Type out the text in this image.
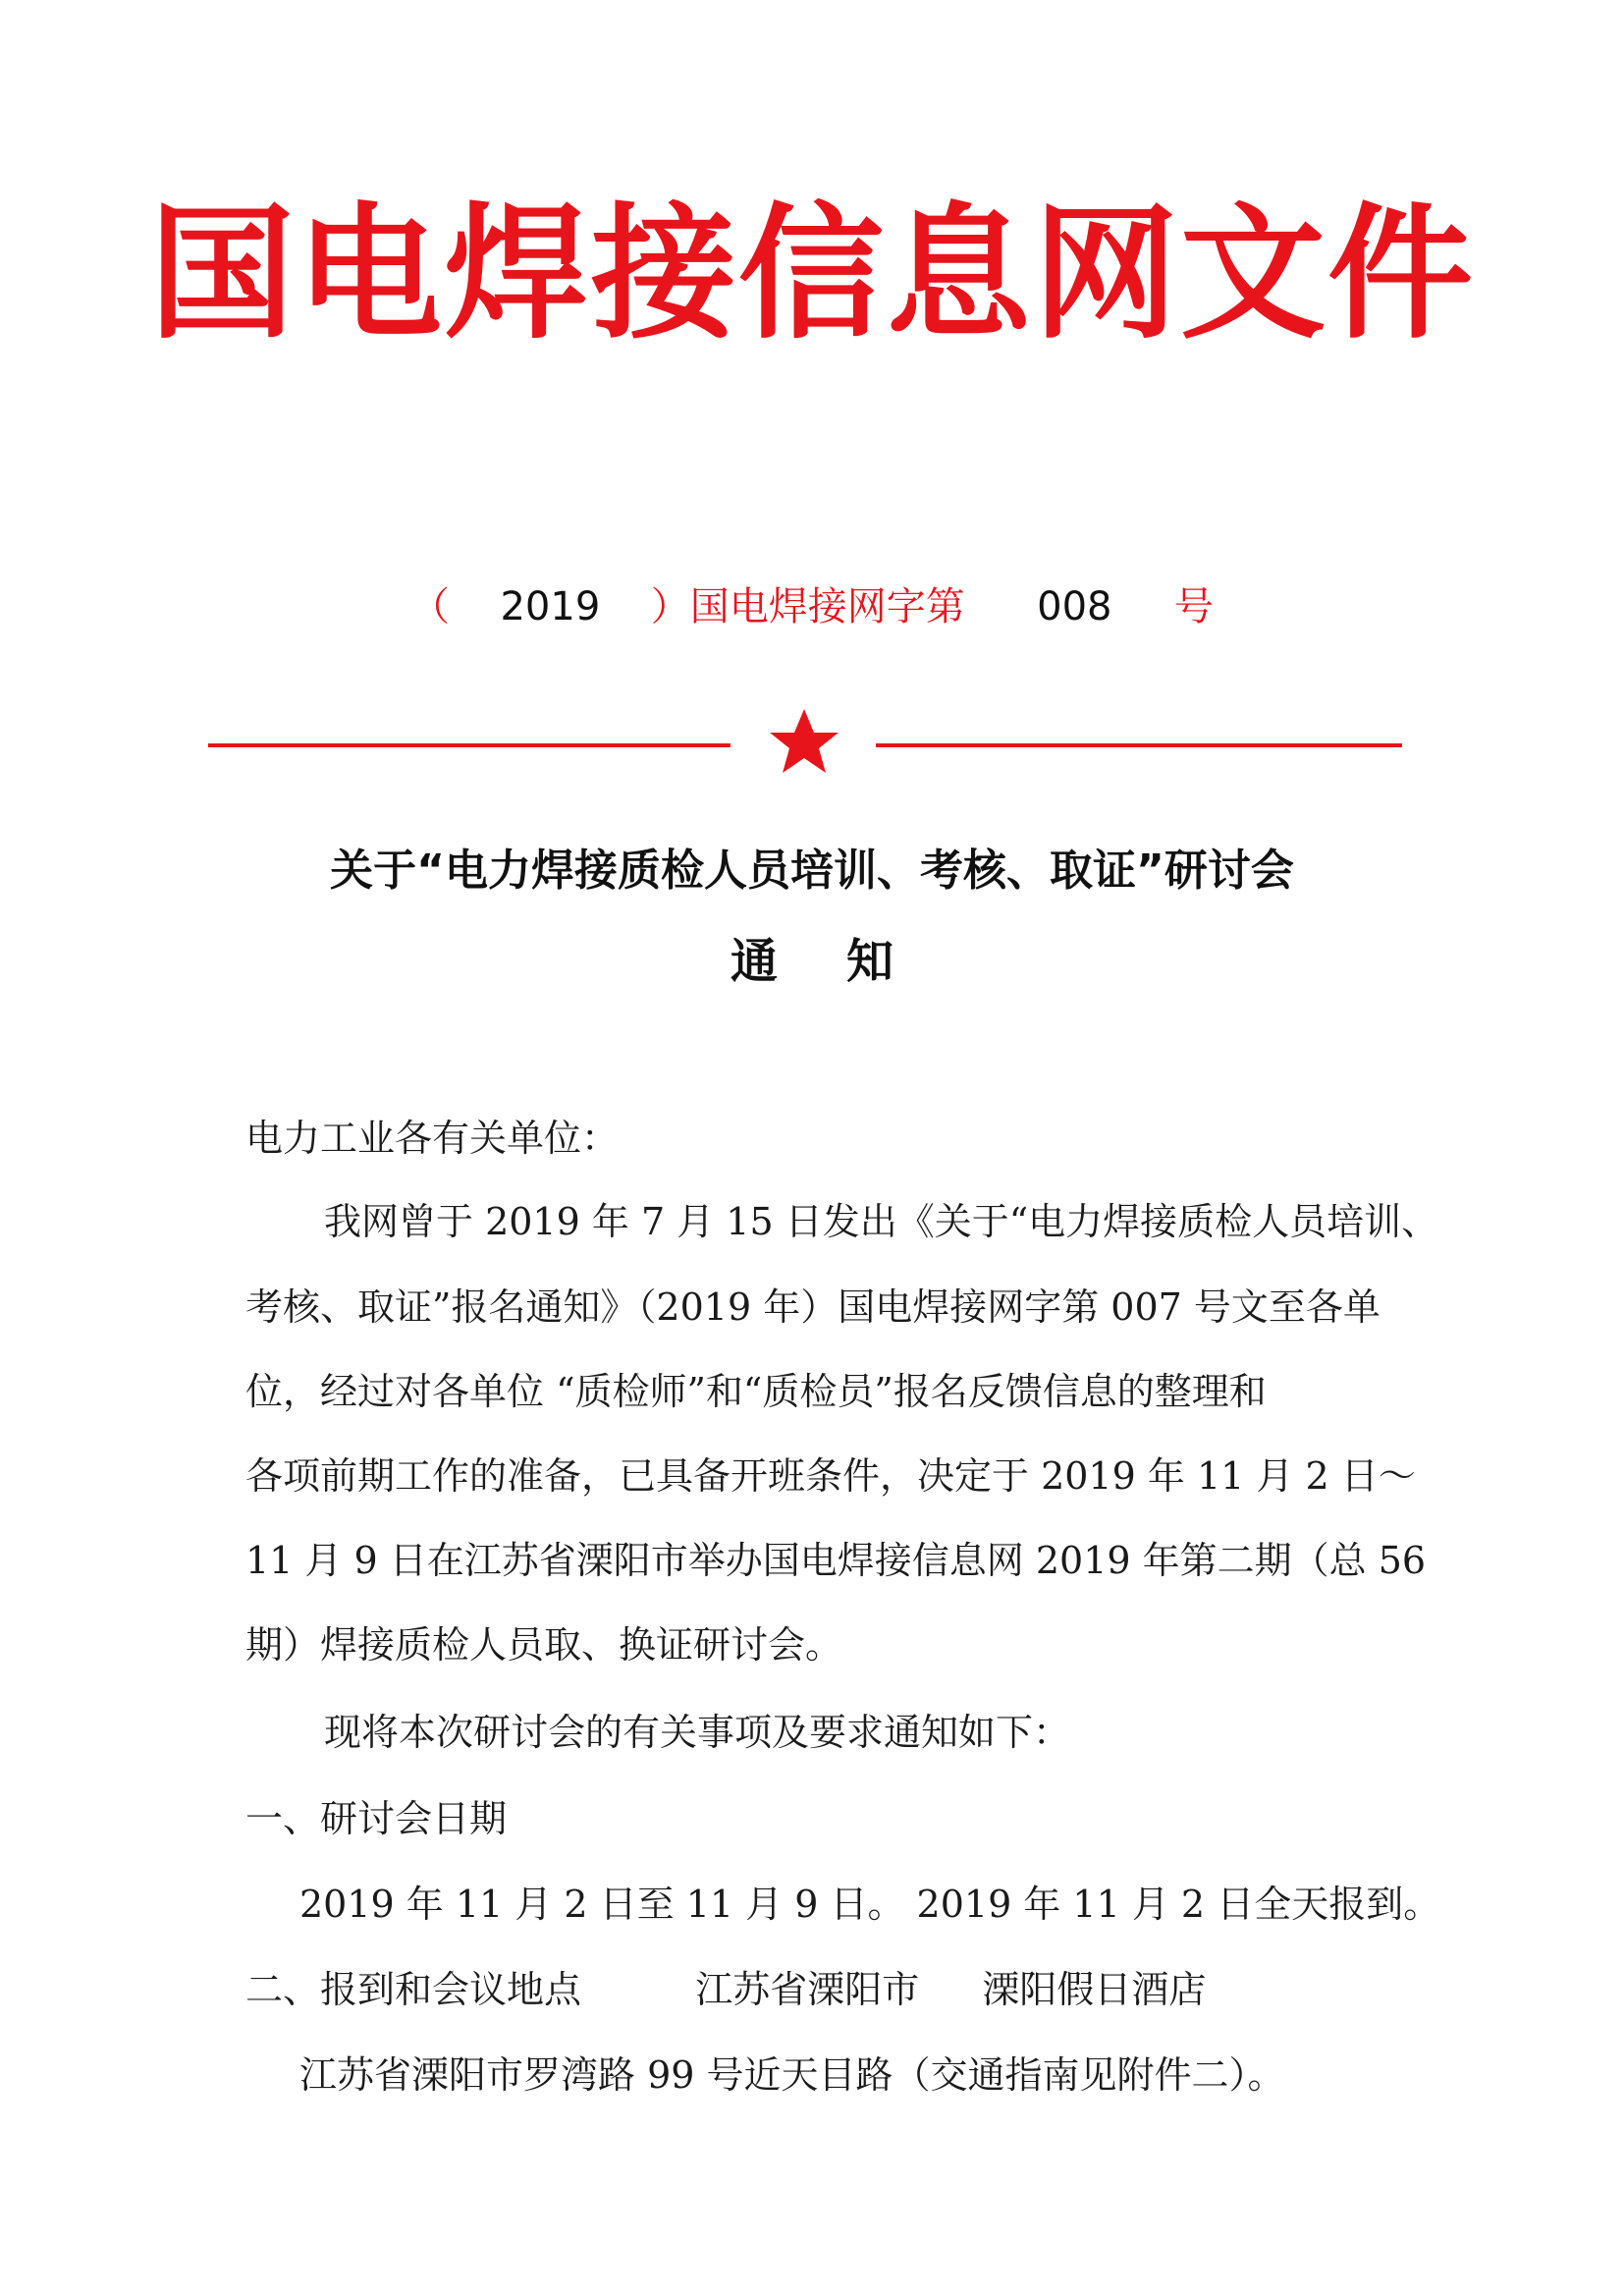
国电焊接信息网文件
（ 2019 ）国电焊接网字第 008 号
关于“电力焊接质检人员培训、考核、取证”研讨会
通知
电力工业各有关单位：
我网曾于 2019 年 7 月 15 日发出《关于“电力焊接质检人员培训、
考核、取证”报名通知》（2019 年）国电焊接网字第 007 号文至各单
位，经过对各单位 “质检师”和“质检员”报名反馈信息的整理和
各项前期工作的准备，已具备开班条件，决定于 2019 年 11 月 2 日～
11 月 9 日在江苏省溧阳市举办国电焊接信息网 2019 年第二期（总 56
期）焊接质检人员取、换证研讨会。
现将本次研讨会的有关事项及要求通知如下：
一、研讨会日期
2019 年 11 月 2 日至 11 月 9 日。 2019 年 11 月 2 日全天报到。
二、报到和会议地点	江苏省溧阳市 溧阳假日酒店
江苏省溧阳市罗湾路 99 号近天目路（交通指南见附件二）。
